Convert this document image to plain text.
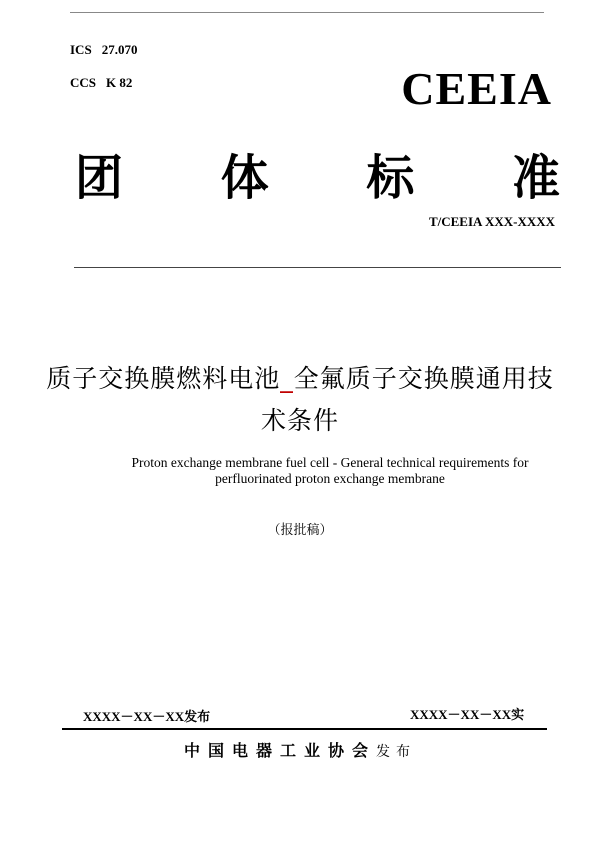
ICS 27.070
CCS K 82	CEEIA
团 体 标 准
T/CEEIA XXX-XXXX
质子交换膜燃料电池_全氟质子交换膜通用技
术条件
Proton exchange membrane fuel cell - General technical requirements for
perfluorinated proton exchange membrane
（报批稿）
XXXX－XX－XX发布	XXXX－XX－XX实
中国电器工业协会发布
